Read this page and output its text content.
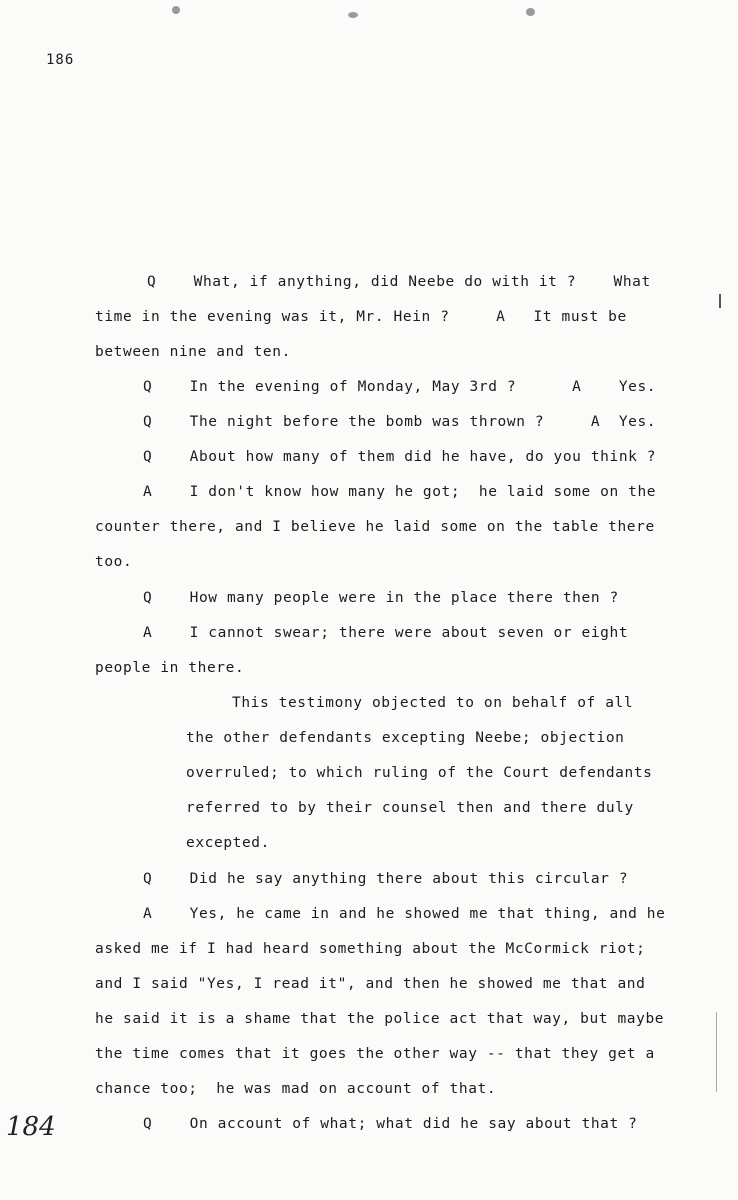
186
Q    What, if anything, did Neebe do with it ?    What
time in the evening was it, Mr. Hein ?     A   It must be
between nine and ten.
Q    In the evening of Monday, May 3rd ?      A    Yes.
Q    The night before the bomb was thrown ?     A  Yes.
Q    About how many of them did he have, do you think ?
A    I don't know how many he got;  he laid some on the
counter there, and I believe he laid some on the table there
too.
Q    How many people were in the place there then ?
A    I cannot swear; there were about seven or eight
people in there.
This testimony objected to on behalf of all
the other defendants excepting Neebe; objection
overruled; to which ruling of the Court defendants
referred to by their counsel then and there duly
excepted.
Q    Did he say anything there about this circular ?
A    Yes, he came in and he showed me that thing, and he
asked me if I had heard something about the McCormick riot;
and I said "Yes, I read it", and then he showed me that and
he said it is a shame that the police act that way, but maybe
the time comes that it goes the other way -- that they get a
chance too;  he was mad on account of that.
Q    On account of what; what did he say about that ?
184
